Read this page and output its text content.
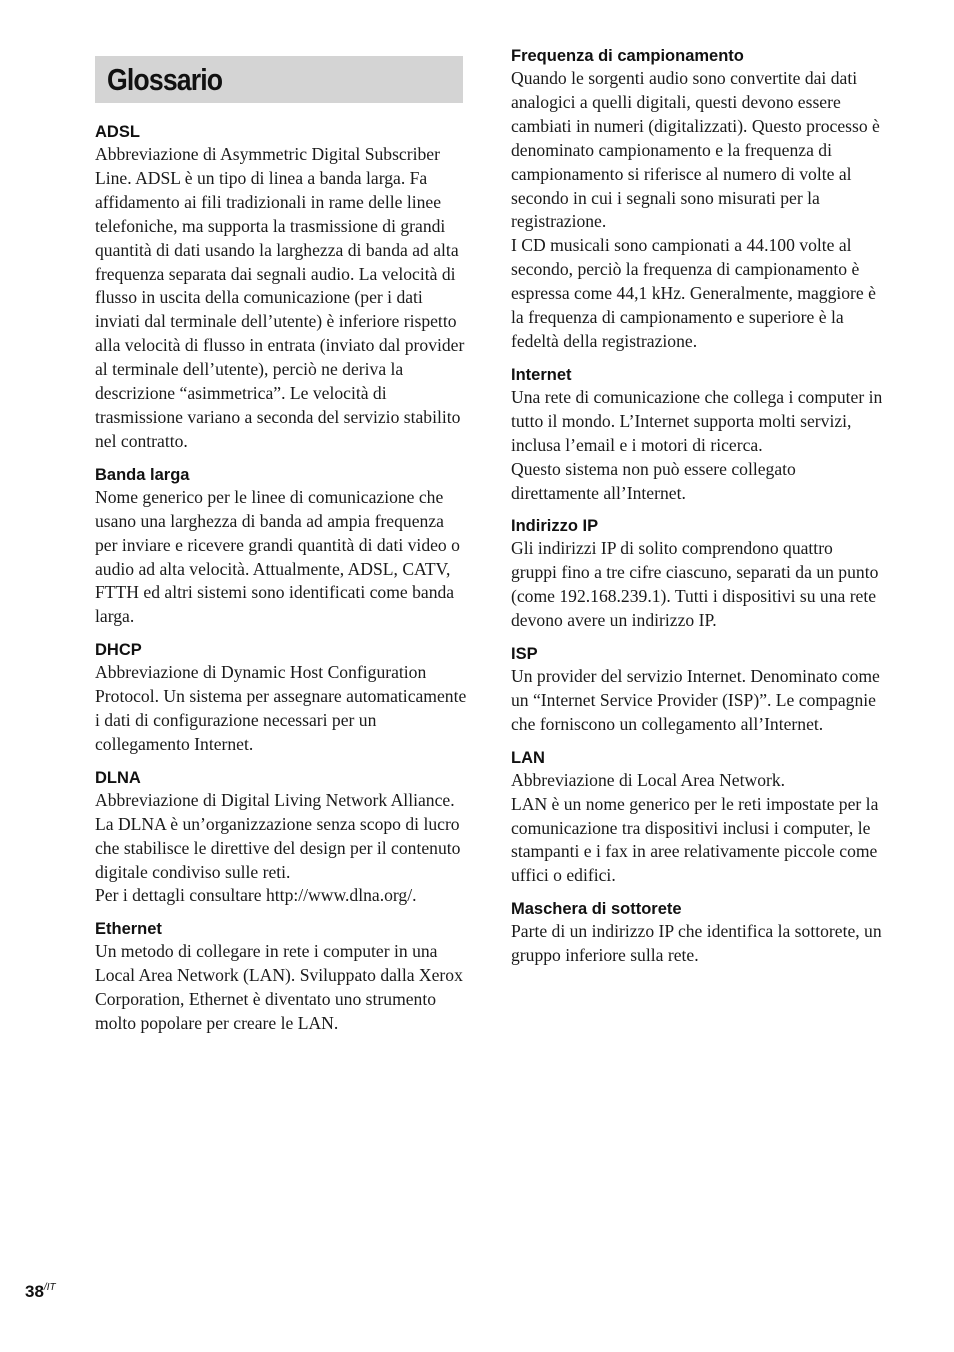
Glossario

ADSL

Abbreviazione di Asymmetric Digital Subscriber Line. ADSL è un tipo di linea a banda larga. Fa affidamento ai fili tradizionali in rame delle linee telefoniche, ma supporta la trasmissione di grandi quantità di dati usando la larghezza di banda ad alta frequenza separata dai segnali audio. La velocità di flusso in uscita della comunicazione (per i dati inviati dal terminale dell’utente) è inferiore rispetto alla velocità di flusso in entrata (inviato dal provider al terminale dell’utente), perciò ne deriva la descrizione “asimmetrica”. Le velocità di trasmissione variano a seconda del servizio stabilito nel contratto.

Banda larga

Nome generico per le linee di comunicazione che usano una larghezza di banda ad ampia frequenza per inviare e ricevere grandi quantità di dati video o audio ad alta velocità. Attualmente, ADSL, CATV, FTTH ed altri sistemi sono identificati come banda larga.

DHCP

Abbreviazione di Dynamic Host Configuration Protocol. Un sistema per assegnare automaticamente i dati di configurazione necessari per un collegamento Internet.

DLNA

Abbreviazione di Digital Living Network Alliance. La DLNA è un’organizzazione senza scopo di lucro che stabilisce le direttive del design per il contenuto digitale condiviso sulle reti.

Per i dettagli consultare http://www.dlna.org/.

Ethernet

Un metodo di collegare in rete i computer in una Local Area Network (LAN). Sviluppato dalla Xerox Corporation, Ethernet è diventato uno strumento molto popolare per creare le LAN.

Frequenza di campionamento

Quando le sorgenti audio sono convertite dai dati analogici a quelli digitali, questi devono essere cambiati in numeri (digitalizzati). Questo processo è denominato campionamento e la frequenza di campionamento si riferisce al numero di volte al secondo in cui i segnali sono misurati per la registrazione.

I CD musicali sono campionati a 44.100 volte al secondo, perciò la frequenza di campionamento è espressa come 44,1 kHz. Generalmente, maggiore è la frequenza di campionamento e superiore è la fedeltà della registrazione.

Internet

Una rete di comunicazione che collega i computer in tutto il mondo. L’Internet supporta molti servizi, inclusa l’email e i motori di ricerca.

Questo sistema non può essere collegato direttamente all’Internet.

Indirizzo IP

Gli indirizzi IP di solito comprendono quattro gruppi fino a tre cifre ciascuno, separati da un punto (come 192.168.239.1). Tutti i dispositivi su una rete devono avere un indirizzo IP.

ISP

Un provider del servizio Internet. Denominato come un “Internet Service Provider (ISP)”. Le compagnie che forniscono un collegamento all’Internet.

LAN

Abbreviazione di Local Area Network.

LAN è un nome generico per le reti impostate per la comunicazione tra dispositivi inclusi i computer, le stampanti e i fax in aree relativamente piccole come uffici o edifici.

Maschera di sottorete

Parte di un indirizzo IP che identifica la sottorete, un gruppo inferiore sulla rete.

$38^{/IT}$
